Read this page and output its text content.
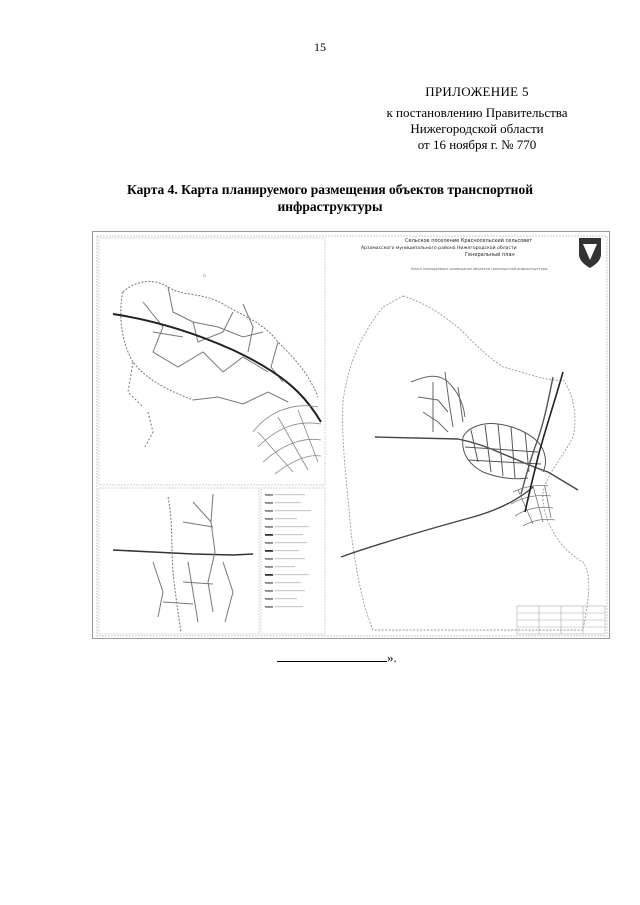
15
ПРИЛОЖЕНИЕ 5
к постановлению Правительства
Нижегородской области
от 16 ноября г. № 770
Карта 4. Карта планируемого размещения объектов транспортной
инфраструктуры
п.
Сельское поселение Красносельский сельсовет
Арзамасского муниципального района Нижегородской области
Генеральный план
Карта планируемого размещения объектов транспортной инфраструктуры
».
